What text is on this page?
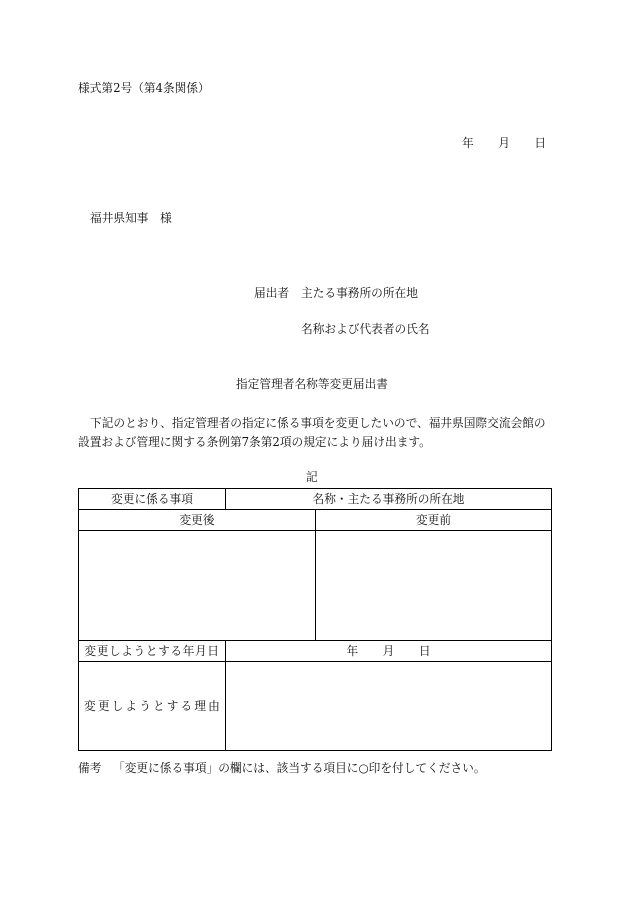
様式第2号（第4条関係）
年 月 日
福井県知事　様
届出者 主たる事務所の所在地
名称および代表者の氏名
指定管理者名称等変更届出書
下記のとおり、指定管理者の指定に係る事項を変更したいので、福井県国際交流会館の
設置および管理に関する条例第7条第2項の規定により届け出ます。
記
変更に係る事項	名称・主たる事務所の所在地
変更後	変更前
変更しようとする年月日	年 月 日
変更しようとする理由
備考 「変更に係る事項」の欄には、該当する項目に○印を付してください。
